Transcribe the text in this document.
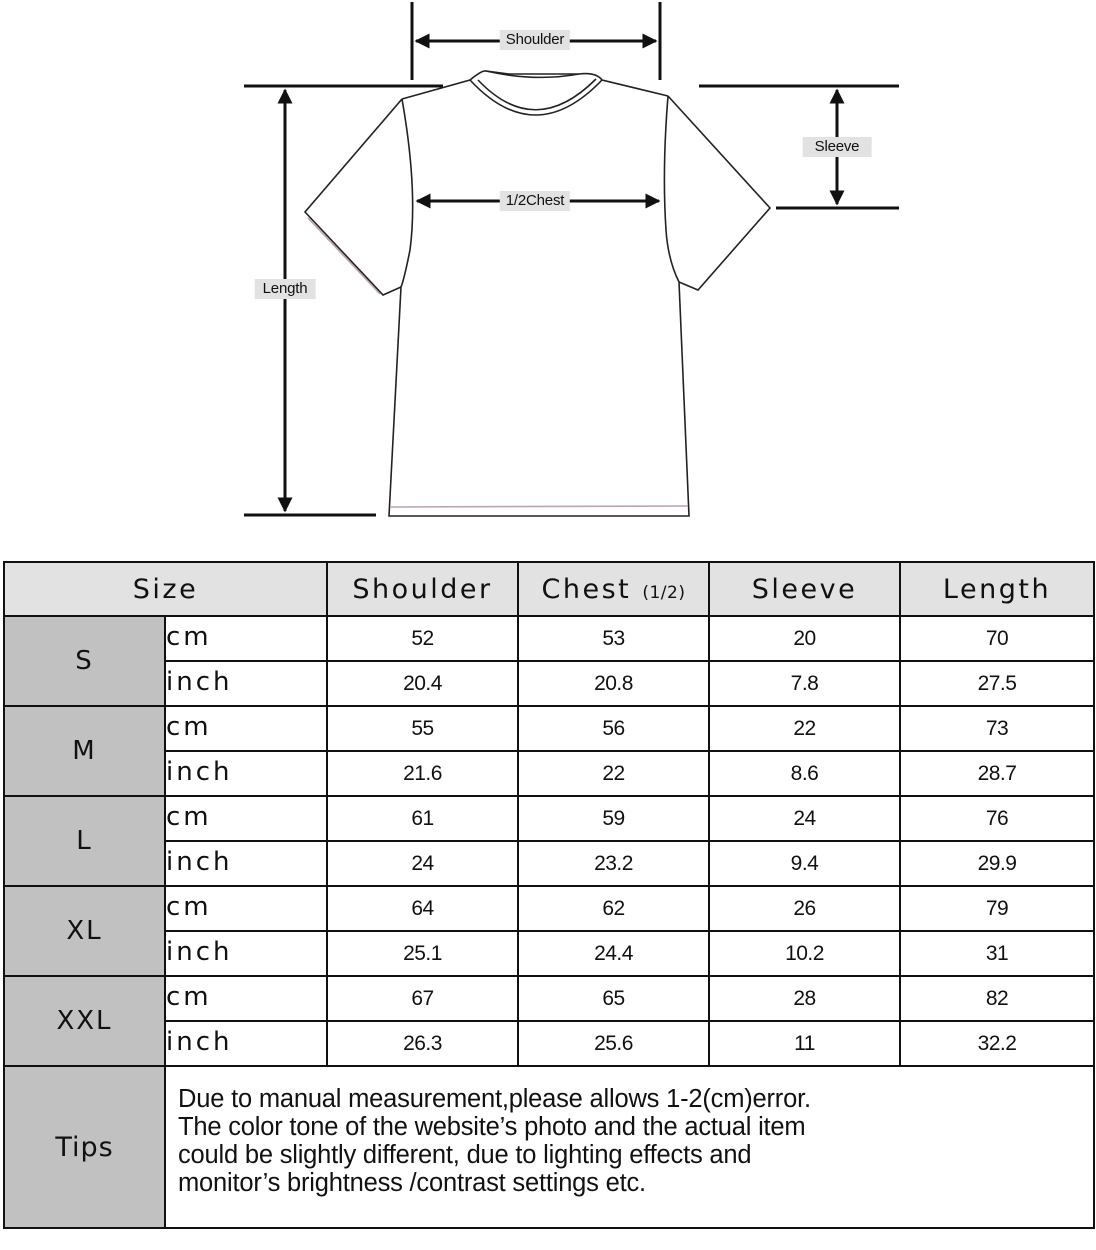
Shoulder
1/2Chest
Sleeve
Length
Size		Shoulder	Chest (1/2)	Sleeve	Length
S	cm	52	53	20	70
	inch	20.4	20.8	7.8	27.5
M	cm	55	56	22	73
	inch	21.6	22	8.6	28.7
L	cm	61	59	24	76
	inch	24	23.2	9.4	29.9
XL	cm	64	62	26	79
	inch	25.1	24.4	10.2	31
XXL	cm	67	65	28	82
	inch	26.3	25.6	11	32.2
Tips	Due to manual measurement,please allows 1-2(cm)error.
The color tone of the website’s photo and the actual item
could be slightly different, due to lighting effects and
monitor’s brightness /contrast settings etc.				
